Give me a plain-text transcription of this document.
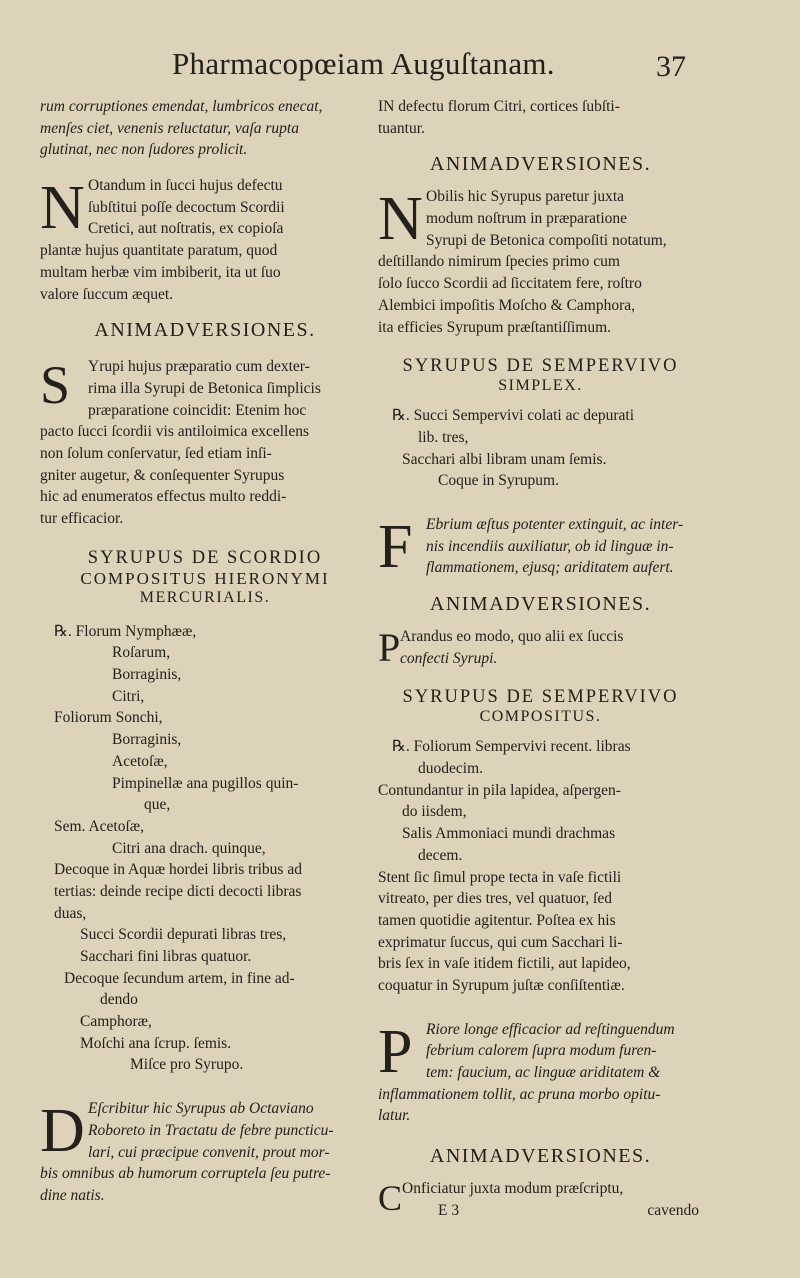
Pharmacopœiam Auguſtanam.	37
rum corruptiones emendat, lumbricos enecat,
menſes ciet, venenis reluctatur, vaſa rupta
glutinat, nec non ſudores prolicit.
N Otandum in ſucci hujus defectu
ſubſtitui poſſe decoctum Scordii
Cretici, aut noſtratis, ex copioſa
plantæ hujus quantitate paratum, quod
multam herbæ vim imbiberit, ita ut ſuo
valore ſuccum æquet.
ANIMADVERSIONES.
S	Yrupi hujus præparatio cum dexter-
rima illa Syrupi de Betonica ſimplicis
præparatione coincidit: Etenim hoc
pacto ſucci ſcordii vis antiloimica excellens
non ſolum conſervatur, ſed etiam inſi-
gniter augetur, & conſequenter Syrupus
hic ad enumeratos effectus multo reddi-
tur efficacior.
SYRUPUS DE SCORDIO
COMPOSITUS HIERONYMI
MERCURIALIS.
℞. Florum Nymphææ,
Roſarum,
Borraginis,
Citri,
Foliorum Sonchi,
Borraginis,
Acetoſæ,
Pimpinellæ ana pugillos quin-
que,
Sem. Acetoſæ,
Citri ana drach. quinque,
Decoque in Aquæ hordei libris tribus ad
tertias: deinde recipe dicti decocti libras
duas,
Succi Scordii depurati libras tres,
Sacchari fini libras quatuor.
Decoque ſecundum artem, in fine ad-
dendo
Camphoræ,
Moſchi ana ſcrup. ſemis.
Miſce pro Syrupo.
D Eſcribitur hic Syrupus ab Octaviano
Roboreto in Tractatu de febre puncticu-
lari, cui præcipue convenit, prout mor-
bis omnibus ab humorum corruptela ſeu putre-
dine natis.
IN defectu florum Citri, cortices ſubſti-
tuantur.
ANIMADVERSIONES.
N Obilis hic Syrupus paretur juxta
modum noſtrum in præparatione
Syrupi de Betonica compoſiti notatum,
deſtillando nimirum ſpecies primo cum
ſolo ſucco Scordii ad ſiccitatem fere, roſtro
Alembici impoſitis Moſcho & Camphora,
ita efficies Syrupum præſtantiſſimum.
SYRUPUS DE SEMPERVIVO
SIMPLEX.
℞. Succi Sempervivi colati ac depurati
lib. tres,
Sacchari albi libram unam ſemis.
Coque in Syrupum.
F Ebrium æſtus potenter extinguit, ac inter-
nis incendiis auxiliatur, ob id linguæ in-
flammationem, ejusq; ariditatem aufert.
ANIMADVERSIONES.
P Arandus eo modo, quo alii ex ſuccis
confecti Syrupi.
SYRUPUS DE SEMPERVIVO
COMPOSITUS.
℞. Foliorum Sempervivi recent. libras
duodecim.
Contundantur in pila lapidea, aſpergen-
do iisdem,
Salis Ammoniaci mundi drachmas
decem.
Stent ſic ſimul prope tecta in vaſe fictili
vitreato, per dies tres, vel quatuor, ſed
tamen quotidie agitentur. Poſtea ex his
exprimatur ſuccus, qui cum Sacchari li-
bris ſex in vaſe itidem fictili, aut lapideo,
coquatur in Syrupum juſtæ conſiſtentiæ.
P Riore longe efficacior ad reſtinguendum
febrium calorem ſupra modum furen-
tem: faucium, ac linguæ ariditatem &
inflammationem tollit, ac pruna morbo opitu-
latur.
ANIMADVERSIONES.
C Onficiatur juxta modum præſcriptu,
E 3	cavendo
